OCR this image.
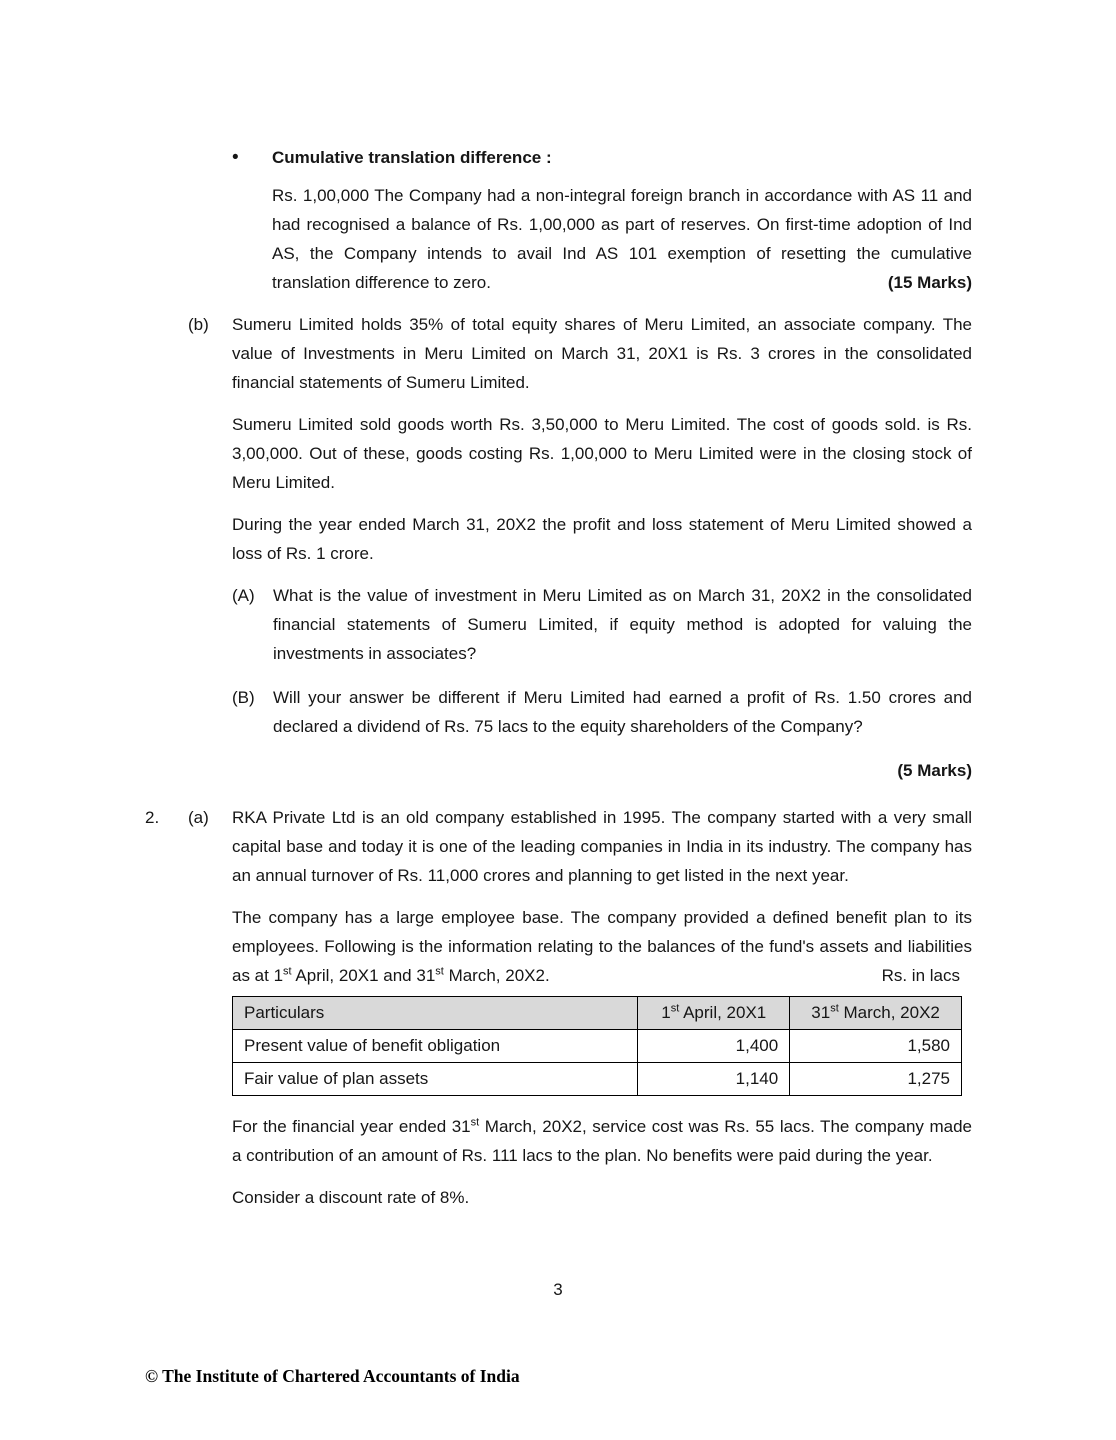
•	Cumulative translation difference :

Rs. 1,00,000 The Company had a non-integral foreign branch in accordance with AS 11 and had recognised a balance of Rs. 1,00,000 as part of reserves. On first-time adoption of Ind AS, the Company intends to avail Ind AS 101 exemption of resetting the cumulative translation difference to zero.	(15 Marks)
(b)	Sumeru Limited holds 35% of total equity shares of Meru Limited, an associate company. The value of Investments in Meru Limited on March 31, 20X1 is Rs. 3 crores in the consolidated financial statements of Sumeru Limited.

Sumeru Limited sold goods worth Rs. 3,50,000 to Meru Limited. The cost of goods sold. is Rs. 3,00,000. Out of these, goods costing Rs. 1,00,000 to Meru Limited were in the closing stock of Meru Limited.

During the year ended March 31, 20X2 the profit and loss statement of Meru Limited showed a loss of Rs. 1 crore.

(A)	What is the value of investment in Meru Limited as on March 31, 20X2 in the consolidated financial statements of Sumeru Limited, if equity method is adopted for valuing the investments in associates?

(B)	Will your answer be different if Meru Limited had earned a profit of Rs. 1.50 crores and declared a dividend of Rs. 75 lacs to the equity shareholders of the Company?

(5 Marks)
2.	(a)	RKA Private Ltd is an old company established in 1995. The company started with a very small capital base and today it is one of the leading companies in India in its industry. The company has an annual turnover of Rs. 11,000 crores and planning to get listed in the next year.

The company has a large employee base. The company provided a defined benefit plan to its employees. Following is the information relating to the balances of the fund's assets and liabilities as at 1st April, 20X1 and 31st March, 20X2.	Rs. in lacs
Particulars	1st April, 20X1	31st March, 20X2
Present value of benefit obligation	1,400	1,580
Fair value of plan assets	1,140	1,275

For the financial year ended 31st March, 20X2, service cost was Rs. 55 lacs. The company made a contribution of an amount of Rs. 111 lacs to the plan. No benefits were paid during the year.

Consider a discount rate of 8%.

3
© The Institute of Chartered Accountants of India
